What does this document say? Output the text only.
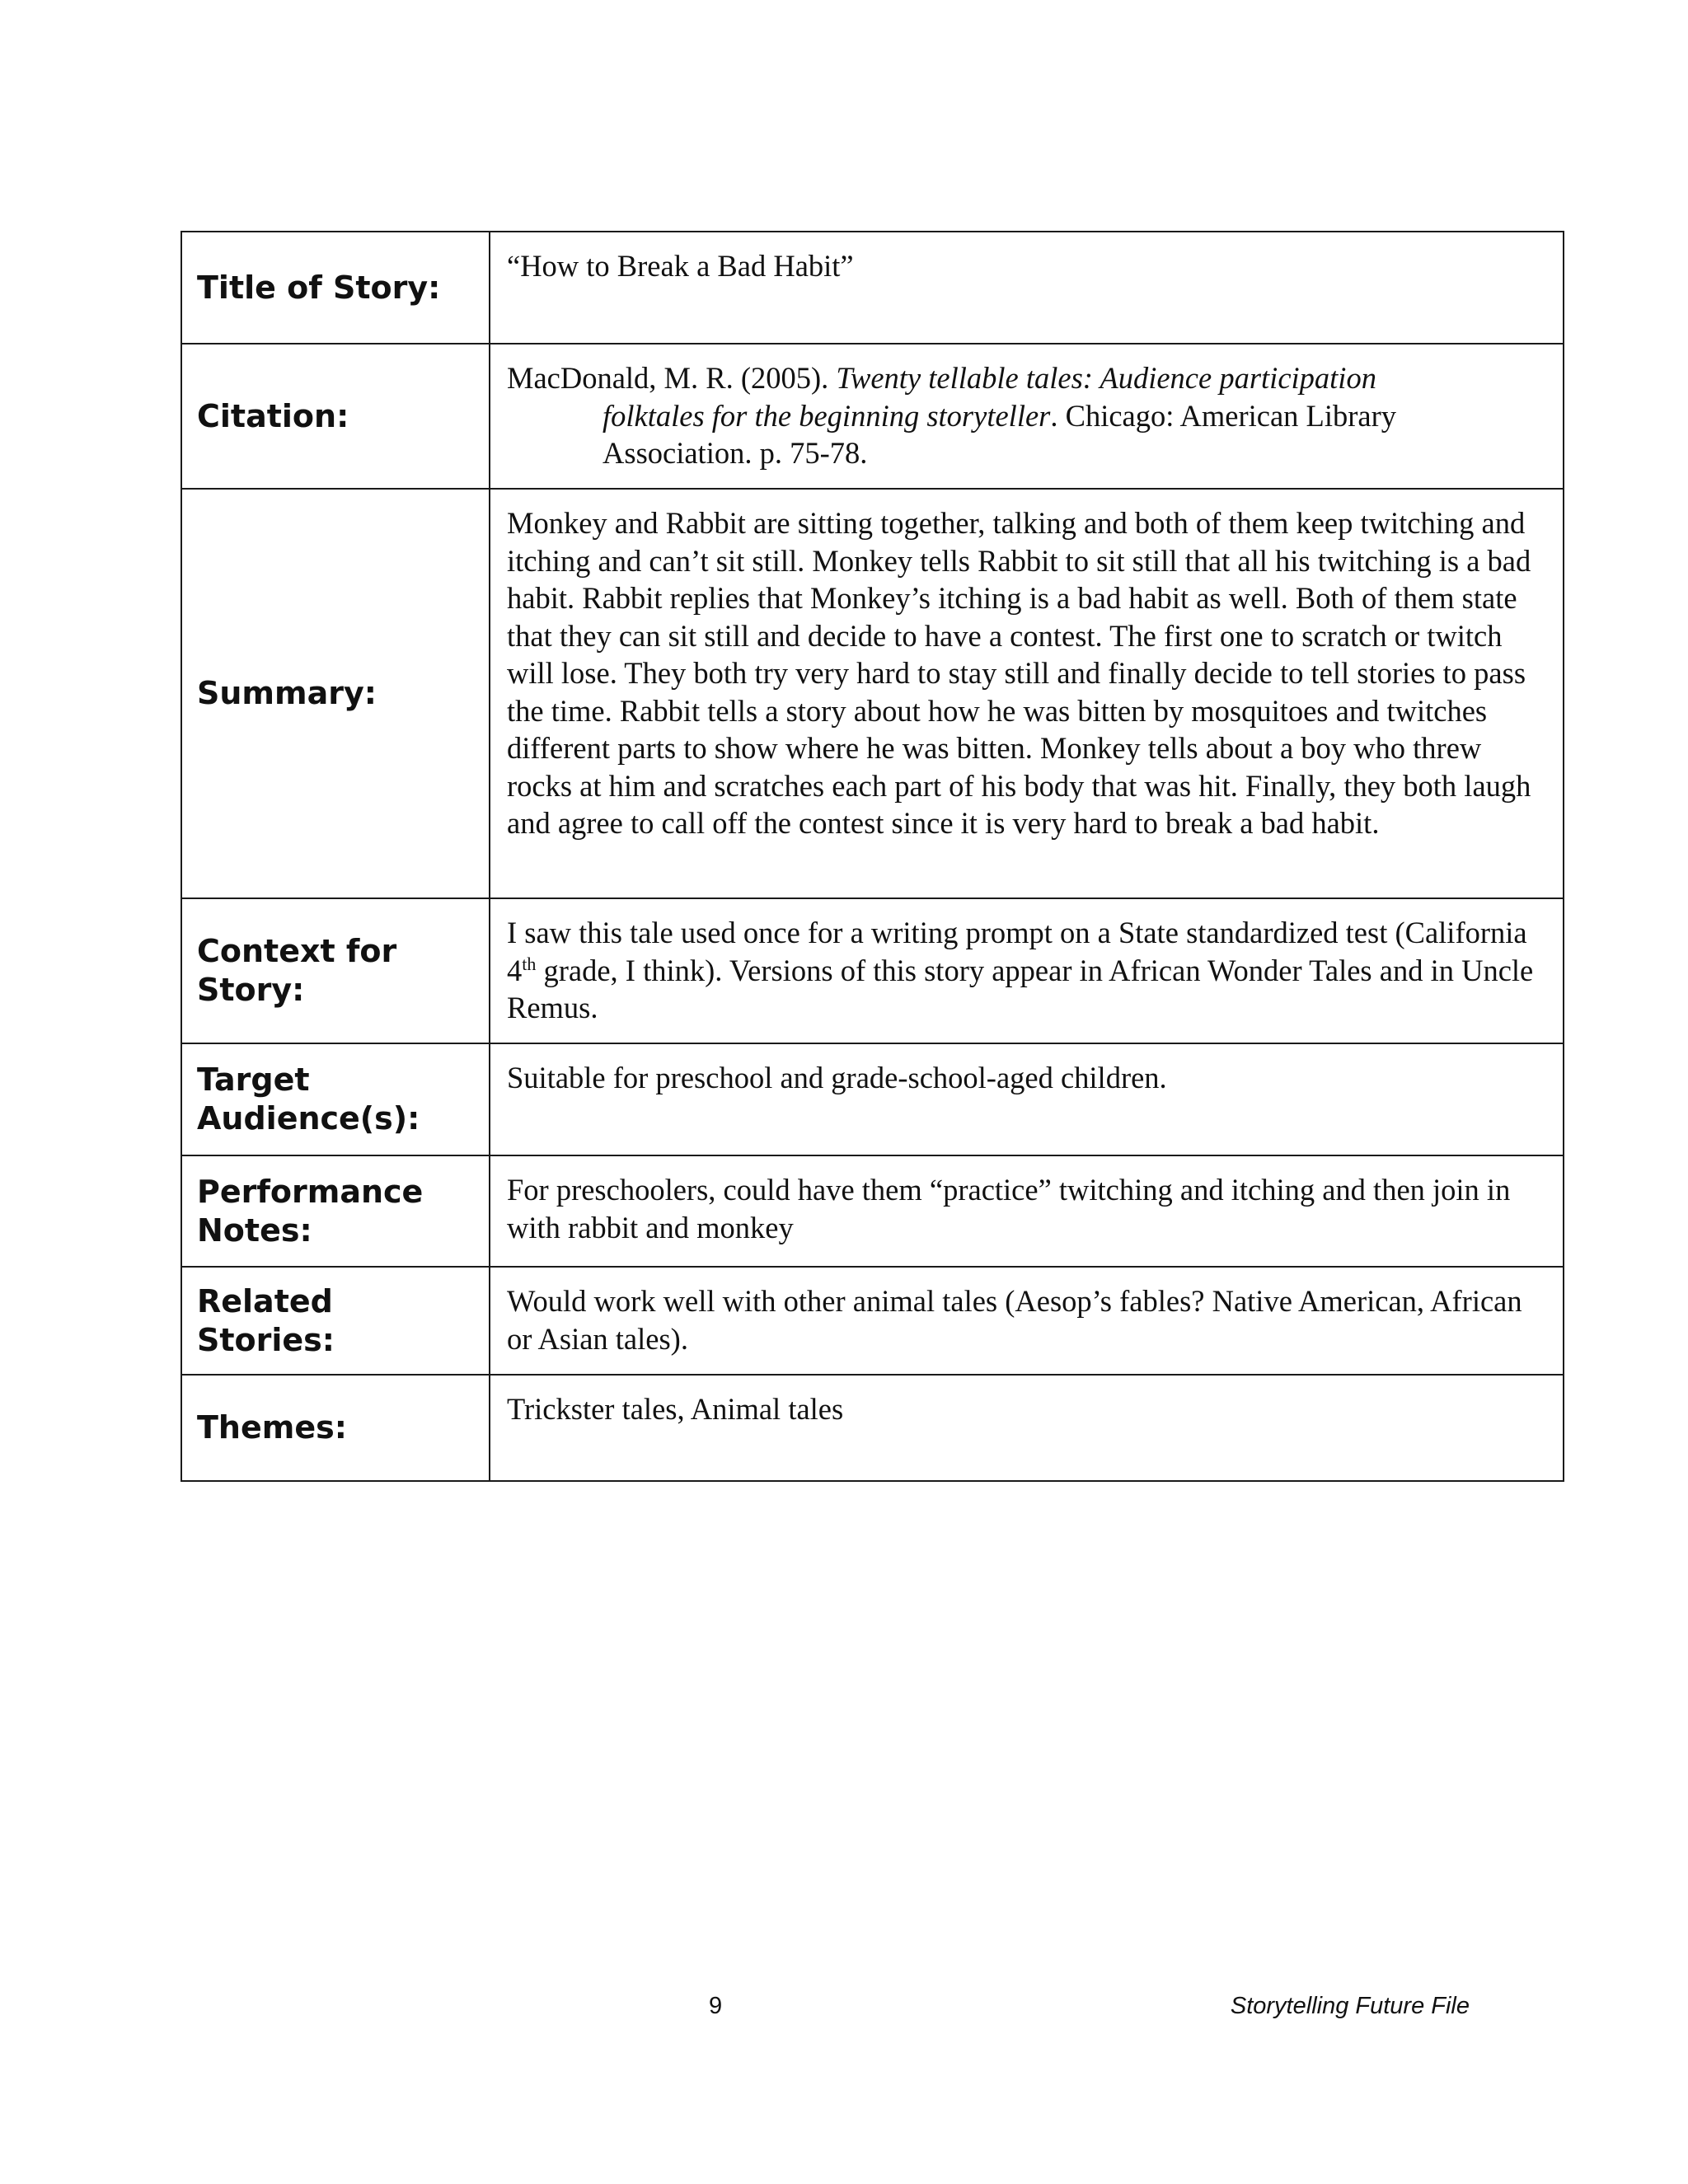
Title of Story:	“How to Break a Bad Habit”
Citation:	MacDonald, M. R. (2005). Twenty tellable tales: Audience participation
folktales for the beginning storyteller. Chicago: American Library Association. p. 75-78.

Summary:	Monkey and Rabbit are sitting together, talking and both of them keep twitching and itching and can’t sit still. Monkey tells Rabbit to sit still that all his twitching is a bad habit. Rabbit replies that Monkey’s itching is a bad habit as well. Both of them state that they can sit still and decide to have a contest. The first one to scratch or twitch will lose. They both try very hard to stay still and finally decide to tell stories to pass the time. Rabbit tells a story about how he was bitten by mosquitoes and twitches different parts to show where he was bitten. Monkey tells about a boy who threw rocks at him and scratches each part of his body that was hit. Finally, they both laugh and agree to call off the contest since it is very hard to break a bad habit.
Context for Story:	I saw this tale used once for a writing prompt on a State standardized test (California 4th grade, I think). Versions of this story appear in African Wonder Tales and in Uncle Remus.
Target Audience(s):	Suitable for preschool and grade-school-aged children.
Performance Notes:	For preschoolers, could have them “practice” twitching and itching and then join in with rabbit and monkey
Related Stories:	Would work well with other animal tales (Aesop’s fables? Native American, African or Asian tales).
Themes:	Trickster tales, Animal tales
9	Storytelling Future File
